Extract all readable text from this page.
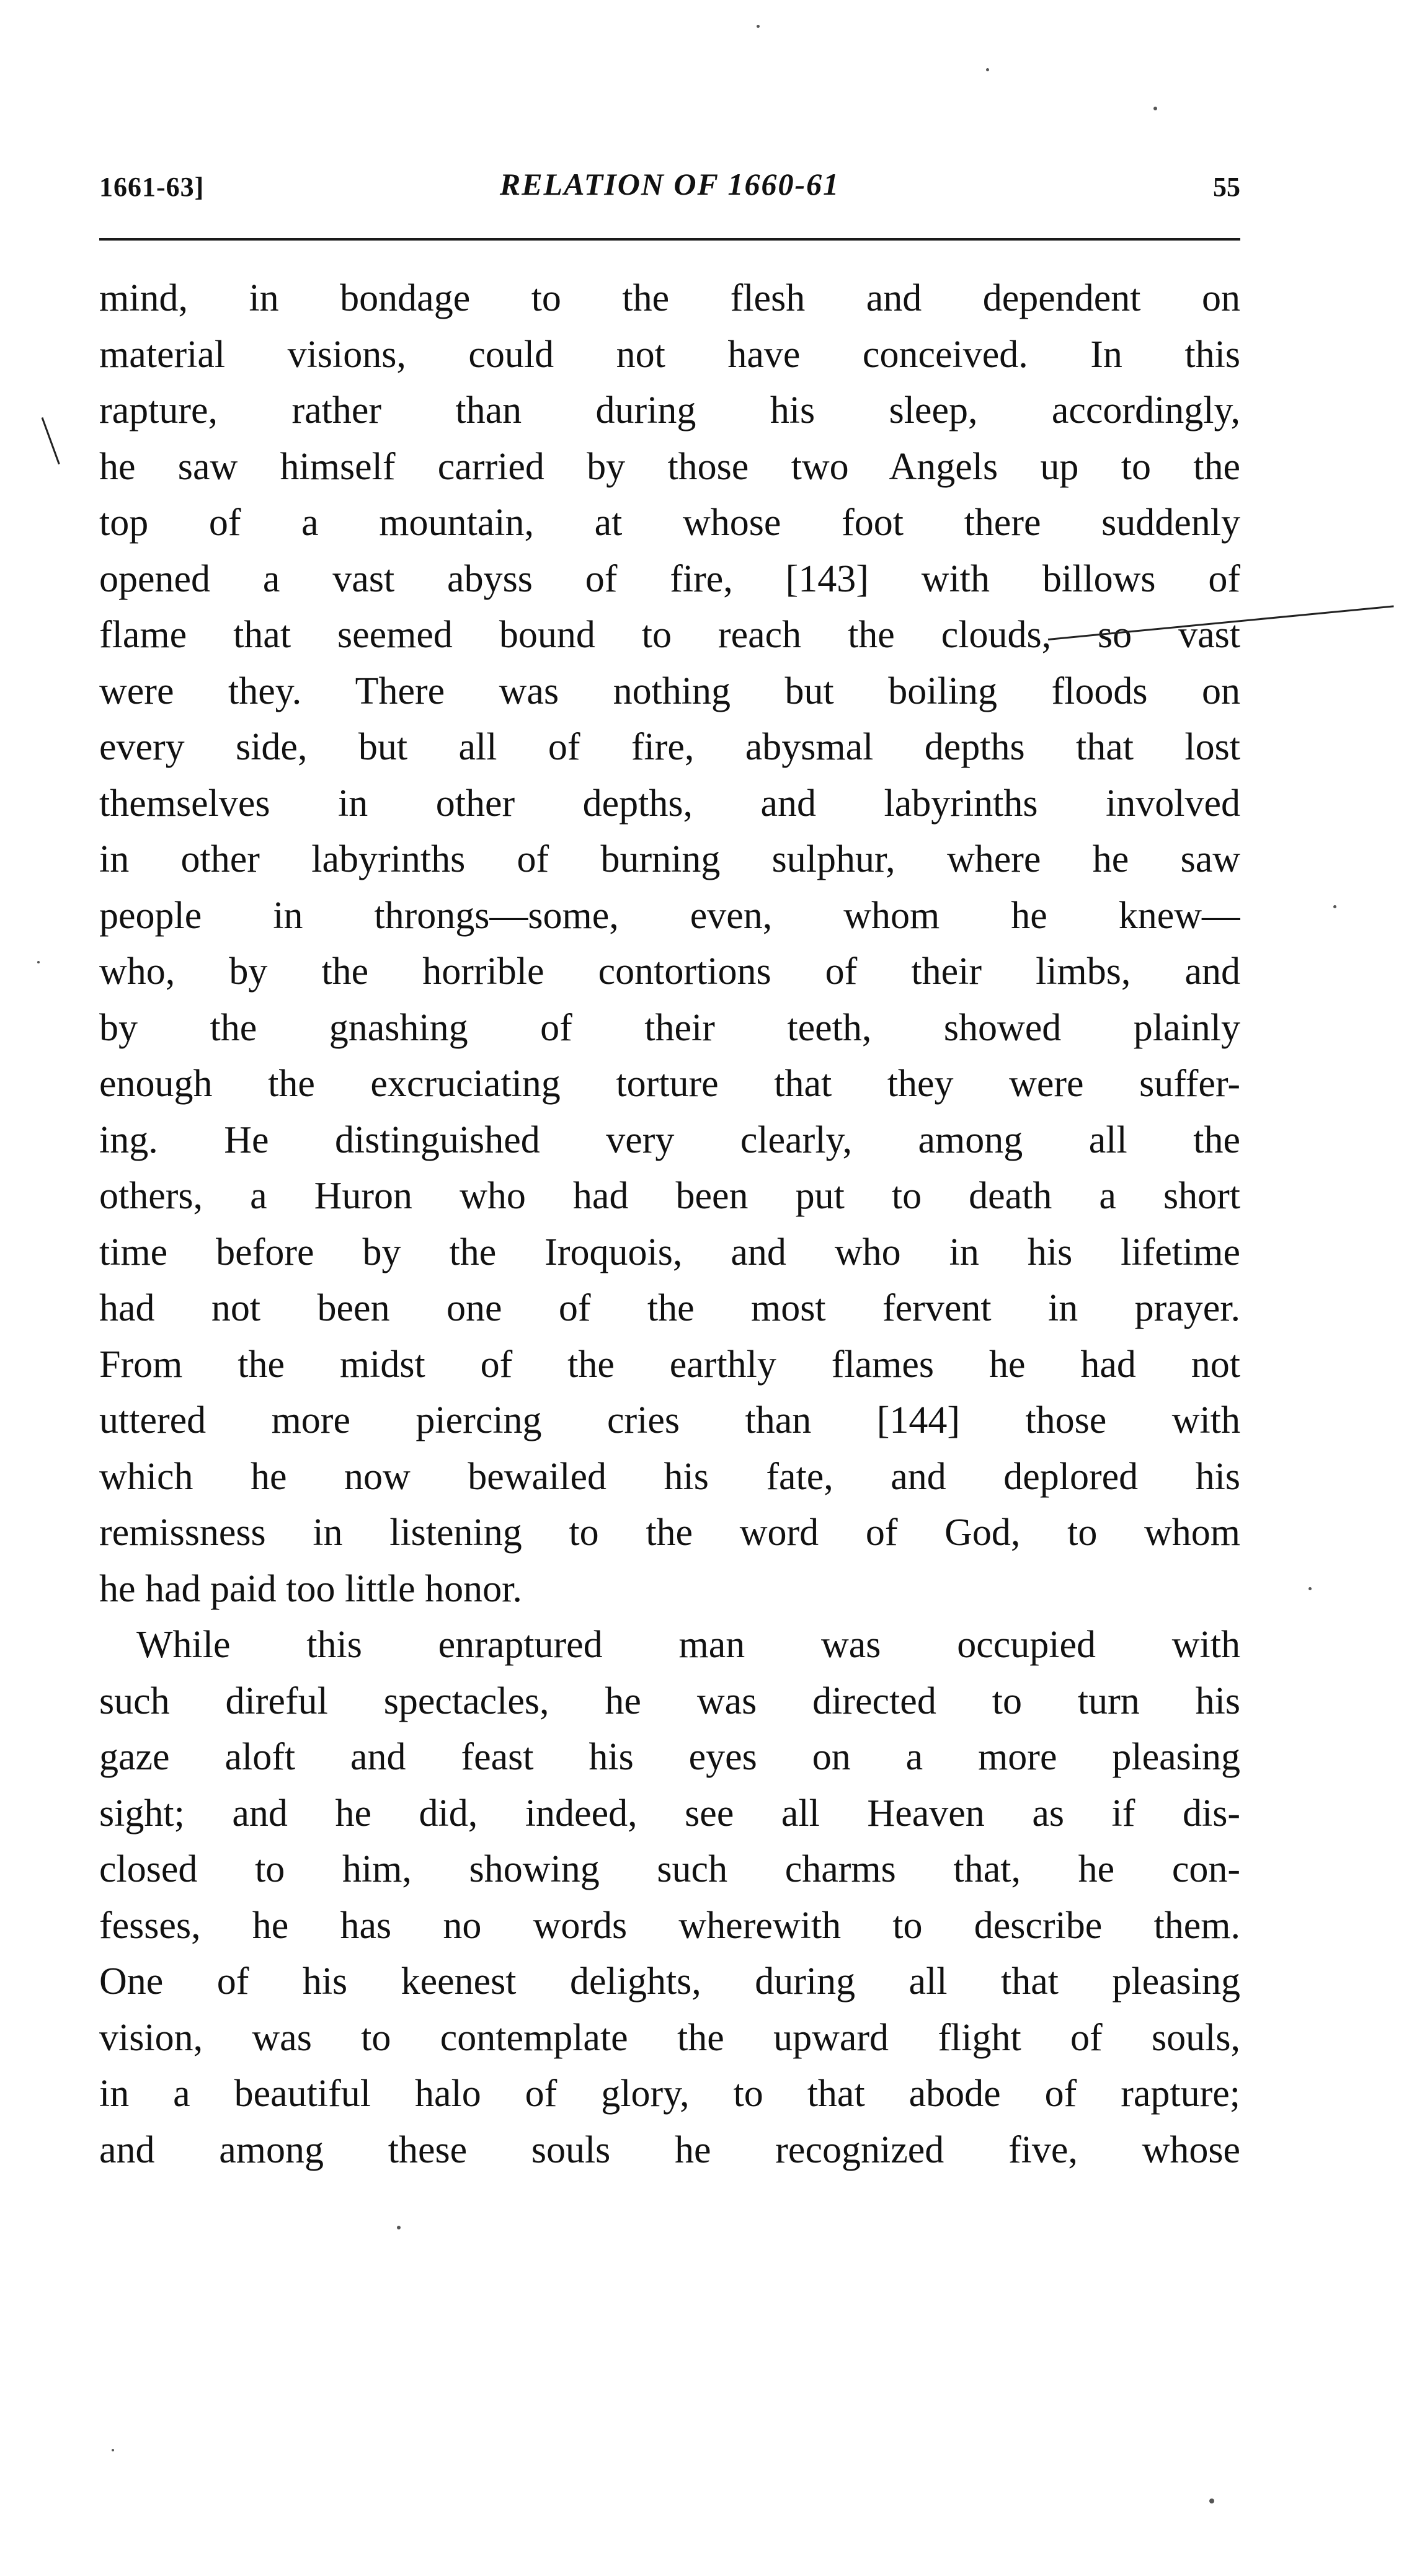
1661-63]	RELATION OF 1660-61	55

mind, in bondage to the flesh and dependent on
material visions, could not have conceived. In this
rapture, rather than during his sleep, accordingly,
he saw himself carried by those two Angels up to the
top of a mountain, at whose foot there suddenly
opened a vast abyss of fire, [143] with billows of
flame that seemed bound to reach the clouds, so vast
were they. There was nothing but boiling floods on
every side, but all of fire, abysmal depths that lost
themselves in other depths, and labyrinths involved
in other labyrinths of burning sulphur, where he saw
people in throngs—some, even, whom he knew—
who, by the horrible contortions of their limbs, and
by the gnashing of their teeth, showed plainly
enough the excruciating torture that they were suffer-
ing. He distinguished very clearly, among all the
others, a Huron who had been put to death a short
time before by the Iroquois, and who in his lifetime
had not been one of the most fervent in prayer.
From the midst of the earthly flames he had not
uttered more piercing cries than [144] those with
which he now bewailed his fate, and deplored his
remissness in listening to the word of God, to whom
he had paid too little honor.

While this enraptured man was occupied with
such direful spectacles, he was directed to turn his
gaze aloft and feast his eyes on a more pleasing
sight; and he did, indeed, see all Heaven as if dis-
closed to him, showing such charms that, he con-
fesses, he has no words wherewith to describe them.
One of his keenest delights, during all that pleasing
vision, was to contemplate the upward flight of souls,
in a beautiful halo of glory, to that abode of rapture;
and among these souls he recognized five, whose
